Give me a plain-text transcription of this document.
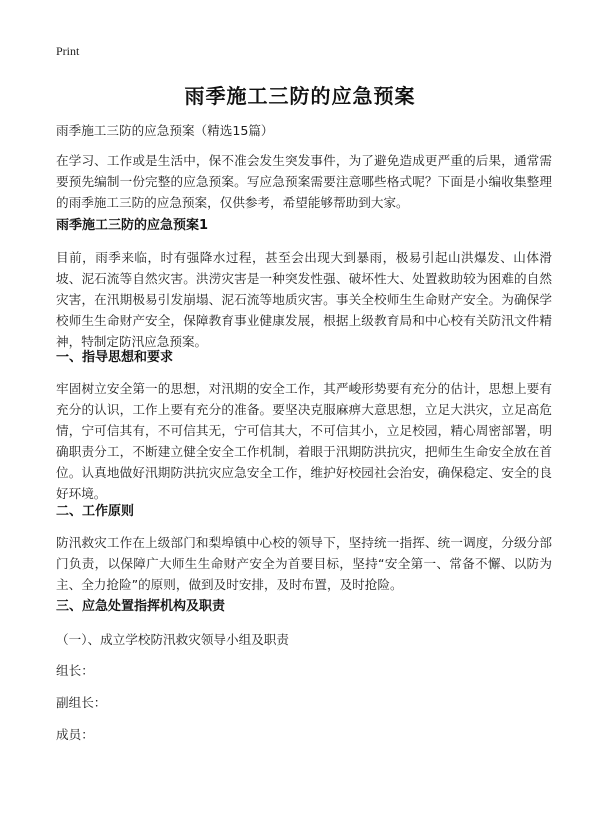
Print
雨季施工三防的应急预案
雨季施工三防的应急预案（精选15篇）
在学习、工作或是生活中，保不准会发生突发事件，为了避免造成更严重的后果，通常需要预先编制一份完整的应急预案。写应急预案需要注意哪些格式呢？下面是小编收集整理的雨季施工三防的应急预案，仅供参考，希望能够帮助到大家。
雨季施工三防的应急预案1
目前，雨季来临，时有强降水过程，甚至会出现大到暴雨，极易引起山洪爆发、山体滑坡、泥石流等自然灾害。洪涝灾害是一种突发性强、破坏性大、处置救助较为困难的自然灾害，在汛期极易引发崩塌、泥石流等地质灾害。事关全校师生生命财产安全。为确保学校师生生命财产安全，保障教育事业健康发展，根据上级教育局和中心校有关防汛文件精神，特制定防汛应急预案。
一、指导思想和要求
牢固树立安全第一的思想，对汛期的安全工作，其严峻形势要有充分的估计，思想上要有充分的认识，工作上要有充分的准备。要坚决克服麻痹大意思想，立足大洪灾，立足高危情，宁可信其有，不可信其无，宁可信其大，不可信其小，立足校园，精心周密部署，明确职责分工，不断建立健全安全工作机制，着眼于汛期防洪抗灾，把师生生命安全放在首位。认真地做好汛期防洪抗灾应急安全工作，维护好校园社会治安，确保稳定、安全的良好环境。
二、工作原则
防汛救灾工作在上级部门和梨埠镇中心校的领导下，坚持统一指挥、统一调度，分级分部门负责，以保障广大师生生命财产安全为首要目标，坚持“安全第一、常备不懈、以防为主、全力抢险”的原则，做到及时安排，及时布置，及时抢险。
三、应急处置指挥机构及职责
（一）、成立学校防汛救灾领导小组及职责
组长：
副组长：
成员：
